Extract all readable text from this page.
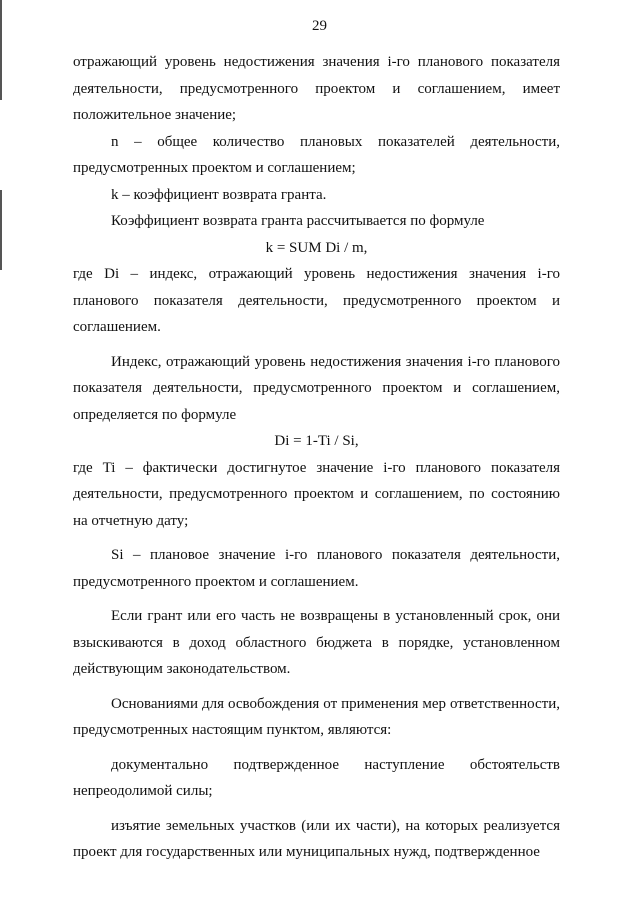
29

отражающий уровень недостижения значения i-го планового показателя деятельности, предусмотренного проектом и соглашением, имеет положительное значение;

n – общее количество плановых показателей деятельности, предусмотренных проектом и соглашением;

k – коэффициент возврата гранта.

Коэффициент возврата гранта рассчитывается по формуле

k = SUM Di / m,

где Di – индекс, отражающий уровень недостижения значения i-го планового показателя деятельности, предусмотренного проектом и соглашением.

Индекс, отражающий уровень недостижения значения i-го планового показателя деятельности, предусмотренного проектом и соглашением, определяется по формуле

Di = 1-Ti / Si,

где Ti – фактически достигнутое значение i-го планового показателя деятельности, предусмотренного проектом и соглашением, по состоянию на отчетную дату;

Si – плановое значение i-го планового показателя деятельности, предусмотренного проектом и соглашением.

Если грант или его часть не возвращены в установленный срок, они взыскиваются в доход областного бюджета в порядке, установленном действующим законодательством.

Основаниями для освобождения от применения мер ответственности, предусмотренных настоящим пунктом, являются:

документально подтвержденное наступление обстоятельств непреодолимой силы;

изъятие земельных участков (или их части), на которых реализуется проект для государственных или муниципальных нужд, подтвержденное
